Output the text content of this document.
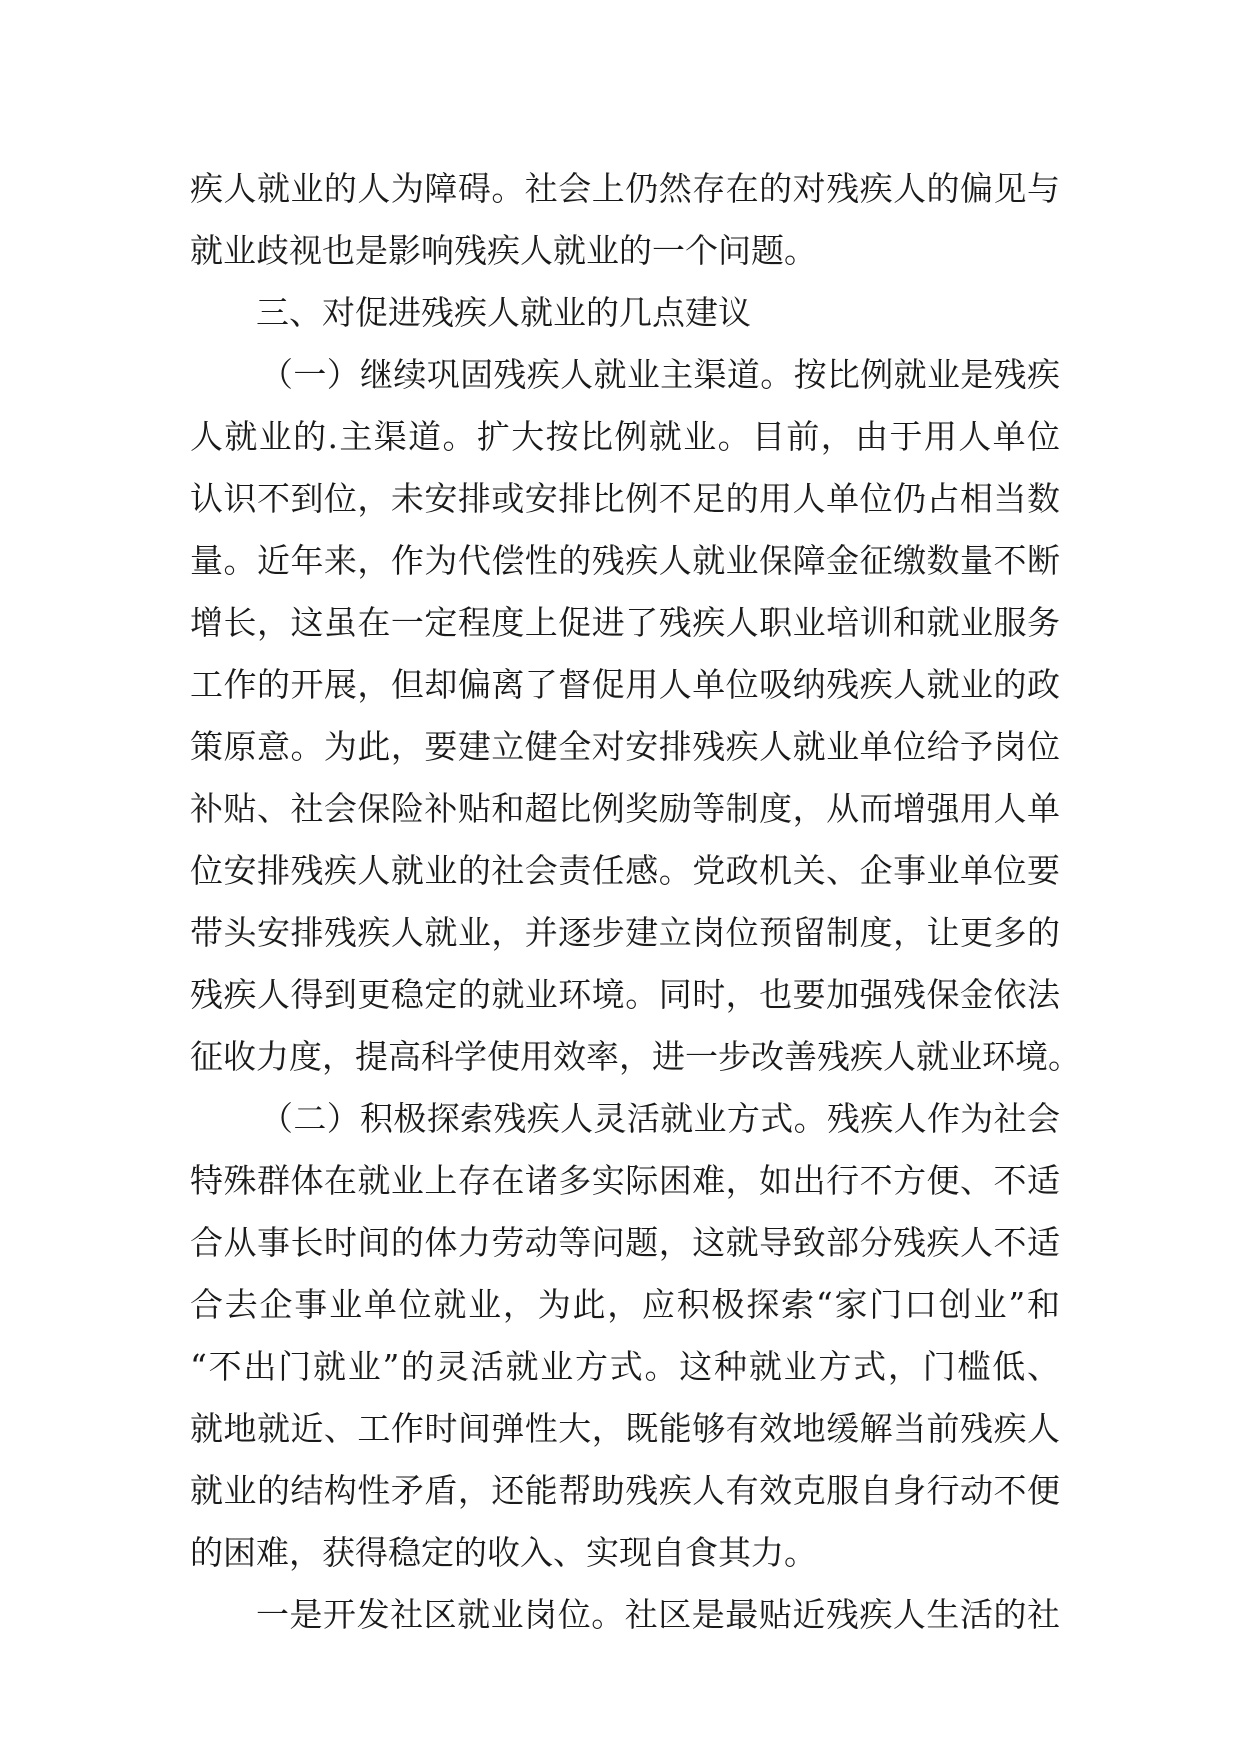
疾人就业的人为障碍。社会上仍然存在的对残疾人的偏见与
就业歧视也是影响残疾人就业的一个问题。
三、对促进残疾人就业的几点建议
（一）继续巩固残疾人就业主渠道。按比例就业是残疾
人就业的.主渠道。扩大按比例就业。目前，由于用人单位
认识不到位，未安排或安排比例不足的用人单位仍占相当数
量。近年来，作为代偿性的残疾人就业保障金征缴数量不断
增长，这虽在一定程度上促进了残疾人职业培训和就业服务
工作的开展，但却偏离了督促用人单位吸纳残疾人就业的政
策原意。为此，要建立健全对安排残疾人就业单位给予岗位
补贴、社会保险补贴和超比例奖励等制度，从而增强用人单
位安排残疾人就业的社会责任感。党政机关、企事业单位要
带头安排残疾人就业，并逐步建立岗位预留制度，让更多的
残疾人得到更稳定的就业环境。同时，也要加强残保金依法
征收力度，提高科学使用效率，进一步改善残疾人就业环境。
（二）积极探索残疾人灵活就业方式。残疾人作为社会
特殊群体在就业上存在诸多实际困难，如出行不方便、不适
合从事长时间的体力劳动等问题，这就导致部分残疾人不适
合去企事业单位就业，为此，应积极探索“家门口创业”和
“不出门就业”的灵活就业方式。这种就业方式，门槛低、
就地就近、工作时间弹性大，既能够有效地缓解当前残疾人
就业的结构性矛盾，还能帮助残疾人有效克服自身行动不便
的困难，获得稳定的收入、实现自食其力。
一是开发社区就业岗位。社区是最贴近残疾人生活的社
